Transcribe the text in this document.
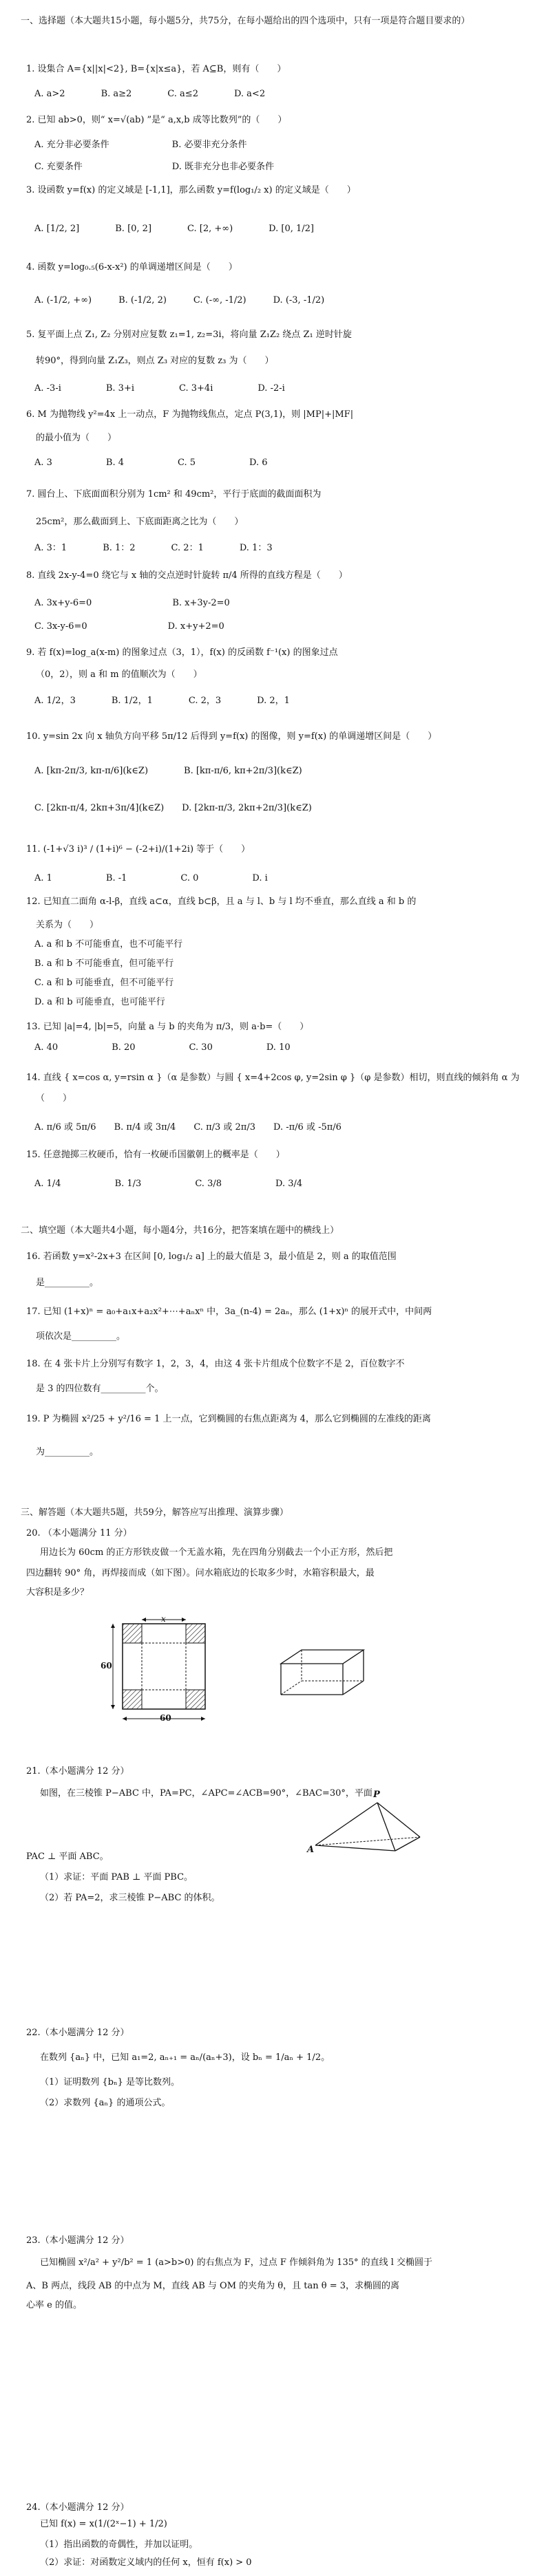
一、选择题（本大题共15小题，每小题5分，共75分，在每小题给出的四个选项中，只有一项是符合题目要求的）
1. 设集合 A={x||x|<2}, B={x|x≤a}，若 A⊆B，则有（　　）
A. a>2　　　　B. a≥2　　　　C. a≤2　　　　D. a<2
2. 已知 ab>0，则“ x=√(ab) ”是“ a,x,b 成等比数列”的（　　）
A. 充分非必要条件　　　　　　　B. 必要非充分条件
C. 充要条件　　　　　　　　　　D. 既非充分也非必要条件
3. 设函数 y=f(x) 的定义域是 [-1,1]，那么函数 y=f(log₁/₂ x) 的定义域是（　　）
A. [1/2, 2]　　　　B. [0, 2]　　　　C. [2, +∞)　　　　D. [0, 1/2]
4. 函数 y=log₀.₅(6-x-x²) 的单调递增区间是（　　）
A. (-1/2, +∞)　　　B. (-1/2, 2)　　　C. (-∞, -1/2)　　　D. (-3, -1/2)
5. 复平面上点 Z₁, Z₂ 分别对应复数 z₁=1, z₂=3i，将向量 Z₁Z₂ 绕点 Z₁ 逆时针旋
转90°，得到向量 Z₁Z₃，则点 Z₃ 对应的复数 z₃ 为（　　）
A. -3-i　　　　　B. 3+i　　　　　C. 3+4i　　　　　D. -2-i
6. M 为抛物线 y²=4x 上一动点，F 为抛物线焦点，定点 P(3,1)，则 |MP|+|MF|
的最小值为（　　）
A. 3　　　　　　B. 4　　　　　　C. 5　　　　　　D. 6
7. 圆台上、下底面面积分别为 1cm² 和 49cm²，平行于底面的截面面积为
25cm²，那么截面到上、下底面距离之比为（　　）
A. 3：1　　　　B. 1：2　　　　C. 2：1　　　　D. 1：3
8. 直线 2x-y-4=0 绕它与 x 轴的交点逆时针旋转 π/4 所得的直线方程是（　　）
A. 3x+y-6=0　　　　　　　　　B. x+3y-2=0
C. 3x-y-6=0　　　　　　　　　D. x+y+2=0
9. 若 f(x)=log_a(x-m) 的图象过点（3，1），f(x) 的反函数 f⁻¹(x) 的图象过点
（0，2），则 a 和 m 的值顺次为（　　）
A. 1/2，3　　　　B. 1/2，1　　　　C. 2，3　　　　D. 2，1
10. y=sin 2x 向 x 轴负方向平移 5π/12 后得到 y=f(x) 的图像，则 y=f(x) 的单调递增区间是（　　）
A. [kπ-2π/3, kπ-π/6](k∈Z)　　　　B. [kπ-π/6, kπ+2π/3](k∈Z)
C. [2kπ-π/4, 2kπ+3π/4](k∈Z)　　D. [2kπ-π/3, 2kπ+2π/3](k∈Z)
11. (-1+√3 i)³ / (1+i)⁶ − (-2+i)/(1+2i) 等于（　　）
A. 1　　　　　　B. -1　　　　　　C. 0　　　　　　D. i
12. 已知直二面角 α-l-β，直线 a⊂α，直线 b⊂β，且 a 与 l、b 与 l 均不垂直，那么直线 a 和 b 的
关系为（　　）
A. a 和 b 不可能垂直，也不可能平行
B. a 和 b 不可能垂直，但可能平行
C. a 和 b 可能垂直，但不可能平行
D. a 和 b 可能垂直，也可能平行
13. 已知 |a|=4, |b|=5，向量 a 与 b 的夹角为 π/3，则 a·b=（　　）
A. 40　　　　　　B. 20　　　　　　C. 30　　　　　　D. 10
14. 直线 { x=cos α, y=rsin α }（α 是参数）与圆 { x=4+2cos φ, y=2sin φ }（φ 是参数）相切，则直线的倾斜角 α 为
（　　）
A. π/6 或 5π/6　　B. π/4 或 3π/4　　C. π/3 或 2π/3　　D. -π/6 或 -5π/6
15. 任意抛掷三枚硬币，恰有一枚硬币国徽朝上的概率是（　　）
A. 1/4　　　　　　B. 1/3　　　　　　C. 3/8　　　　　　D. 3/4
二、填空题（本大题共4小题，每小题4分，共16分，把答案填在题中的横线上）
16. 若函数 y=x²-2x+3 在区间 [0, log₁/₂ a] 上的最大值是 3，最小值是 2，则 a 的取值范围
是__________。
17. 已知 (1+x)ⁿ = a₀+a₁x+a₂x²+⋯+aₙxⁿ 中，3a_(n-4) = 2aₙ，那么 (1+x)ⁿ 的展开式中，中间两
项依次是__________。
18. 在 4 张卡片上分别写有数字 1，2，3，4，由这 4 张卡片组成个位数字不是 2，百位数字不
是 3 的四位数有__________个。
19. P 为椭圆 x²/25 + y²/16 = 1 上一点，它到椭圆的右焦点距离为 4，那么它到椭圆的左准线的距离
为__________。
三、解答题（本大题共5题，共59分，解答应写出推理、演算步骤）
20. （本小题满分 11 分）
用边长为 60cm 的正方形铁皮做一个无盖水箱，先在四角分别截去一个小正方形，然后把
四边翻转 90° 角，再焊接而成（如下图）。问水箱底边的长取多少时，水箱容积最大，最
大容积是多少？
x
60
60
21.（本小题满分 12 分）
如图，在三棱锥 P−ABC 中，PA=PC，∠APC=∠ACB=90°，∠BAC=30°，平面
PAC ⊥ 平面 ABC。
（1）求证：平面 PAB ⊥ 平面 PBC。
（2）若 PA=2，求三棱锥 P−ABC 的体积。
P
A
22.（本小题满分 12 分）
在数列 {aₙ} 中，已知 a₁=2, aₙ₊₁ = aₙ/(aₙ+3)，设 bₙ = 1/aₙ + 1/2。
（1）证明数列 {bₙ} 是等比数列。
（2）求数列 {aₙ} 的通项公式。
23.（本小题满分 12 分）
已知椭圆 x²/a² + y²/b² = 1 (a>b>0) 的右焦点为 F，过点 F 作倾斜角为 135° 的直线 l 交椭圆于
A、B 两点，线段 AB 的中点为 M，直线 AB 与 OM 的夹角为 θ，且 tan θ = 3，求椭圆的离
心率 e 的值。
24.（本小题满分 12 分）
已知 f(x) = x(1/(2ˣ−1) + 1/2)
（1）指出函数的奇偶性，并加以证明。
（2）求证：对函数定义域内的任何 x，恒有 f(x) > 0
